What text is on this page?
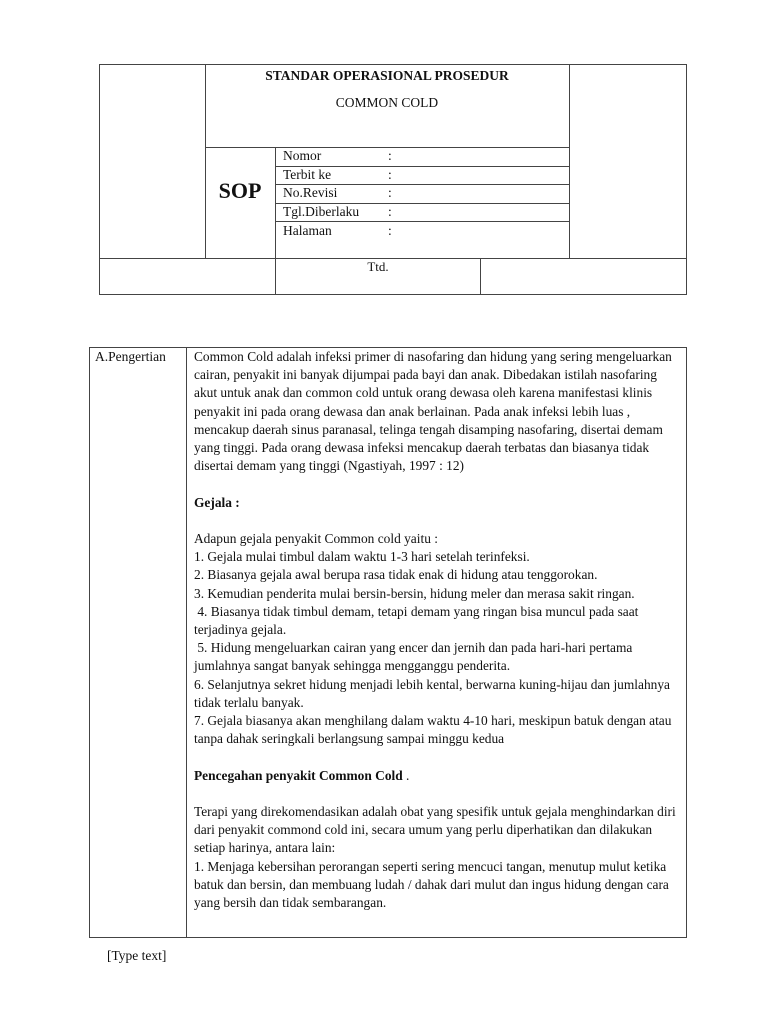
STANDAR OPERASIONAL PROSEDUR
COMMON COLD
SOP
Nomor	:
Terbit ke	:
No.Revisi	:
Tgl.Diberlaku :
Halaman	:
Ttd.
A.Pengertian Common Cold adalah infeksi primer di nasofaring dan hidung yang sering mengeluarkan cairan, penyakit ini banyak dijumpai pada bayi dan anak. Dibedakan istilah nasofaring akut untuk anak dan common cold untuk orang dewasa oleh karena manifestasi klinis penyakit ini pada orang dewasa dan anak berlainan. Pada anak infeksi lebih luas , mencakup daerah sinus paranasal, telinga tengah disamping nasofaring, disertai demam yang tinggi. Pada orang dewasa infeksi mencakup daerah terbatas dan biasanya tidak disertai demam yang tinggi (Ngastiyah, 1997 : 12)

Gejala :

Adapun gejala penyakit Common cold yaitu :

1. Gejala mulai timbul dalam waktu 1-3 hari setelah terinfeksi.

2. Biasanya gejala awal berupa rasa tidak enak di hidung atau tenggorokan.

3. Kemudian penderita mulai bersin-bersin, hidung meler dan merasa sakit ringan.

4. Biasanya tidak timbul demam, tetapi demam yang ringan bisa muncul pada saat terjadinya gejala.

5. Hidung mengeluarkan cairan yang encer dan jernih dan pada hari-hari pertama jumlahnya sangat banyak sehingga mengganggu penderita.

6. Selanjutnya sekret hidung menjadi lebih kental, berwarna kuning-hijau dan jumlahnya tidak terlalu banyak.

7. Gejala biasanya akan menghilang dalam waktu 4-10 hari, meskipun batuk dengan atau tanpa dahak seringkali berlangsung sampai minggu kedua

Pencegahan penyakit Common Cold .

Terapi yang direkomendasikan adalah obat yang spesifik untuk gejala menghindarkan diri dari penyakit commond cold ini, secara umum yang perlu diperhatikan dan dilakukan setiap harinya, antara lain:

1. Menjaga kebersihan perorangan seperti sering mencuci tangan, menutup mulut ketika batuk dan bersin, dan membuang ludah / dahak dari mulut dan ingus hidung dengan cara yang bersih dan tidak sembarangan.

[Type text]
